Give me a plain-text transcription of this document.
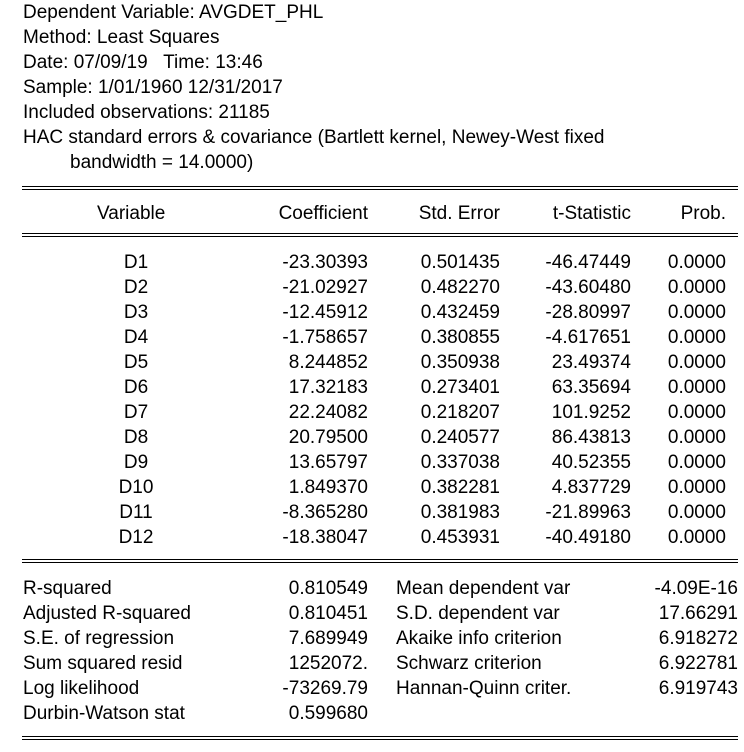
Dependent Variable: AVGDET_PHL
Method: Least Squares
Date: 07/09/19   Time: 13:46
Sample: 1/01/1960 12/31/2017
Included observations: 21185
HAC standard errors & covariance (Bartlett kernel, Newey-West fixed
bandwidth = 14.0000)
Variable	Coefficient	Std. Error	t-Statistic	Prob.
D1	-23.30393	0.501435 -46.47449 0.0000
D2	-21.02927	0.482270 -43.60480 0.0000
D3	-12.45912	0.432459 -28.80997 0.0000
D4	-1.758657	0.380855 -4.617651 0.0000
D5	8.244852	0.350938	23.49374 0.0000
D6	17.32183	0.273401	63.35694 0.0000
D7	22.24082	0.218207	101.9252 0.0000
D8	20.79500	0.240577	86.43813 0.0000
D9	13.65797	0.337038	40.52355 0.0000
D10	1.849370	0.382281	4.837729 0.0000
D11	-8.365280	0.381983 -21.89963 0.0000
D12	-18.38047	0.453931 -40.49180 0.0000
R-squared	0.810549 Mean dependent var	-4.09E-16
Adjusted R-squared	0.810451 S.D. dependent var	17.66291
S.E. of regression	7.689949 Akaike info criterion	6.918272
Sum squared resid	1252072. Schwarz criterion	6.922781
Log likelihood	-73269.79 Hannan-Quinn criter.	6.919743
Durbin-Watson stat	0.599680
